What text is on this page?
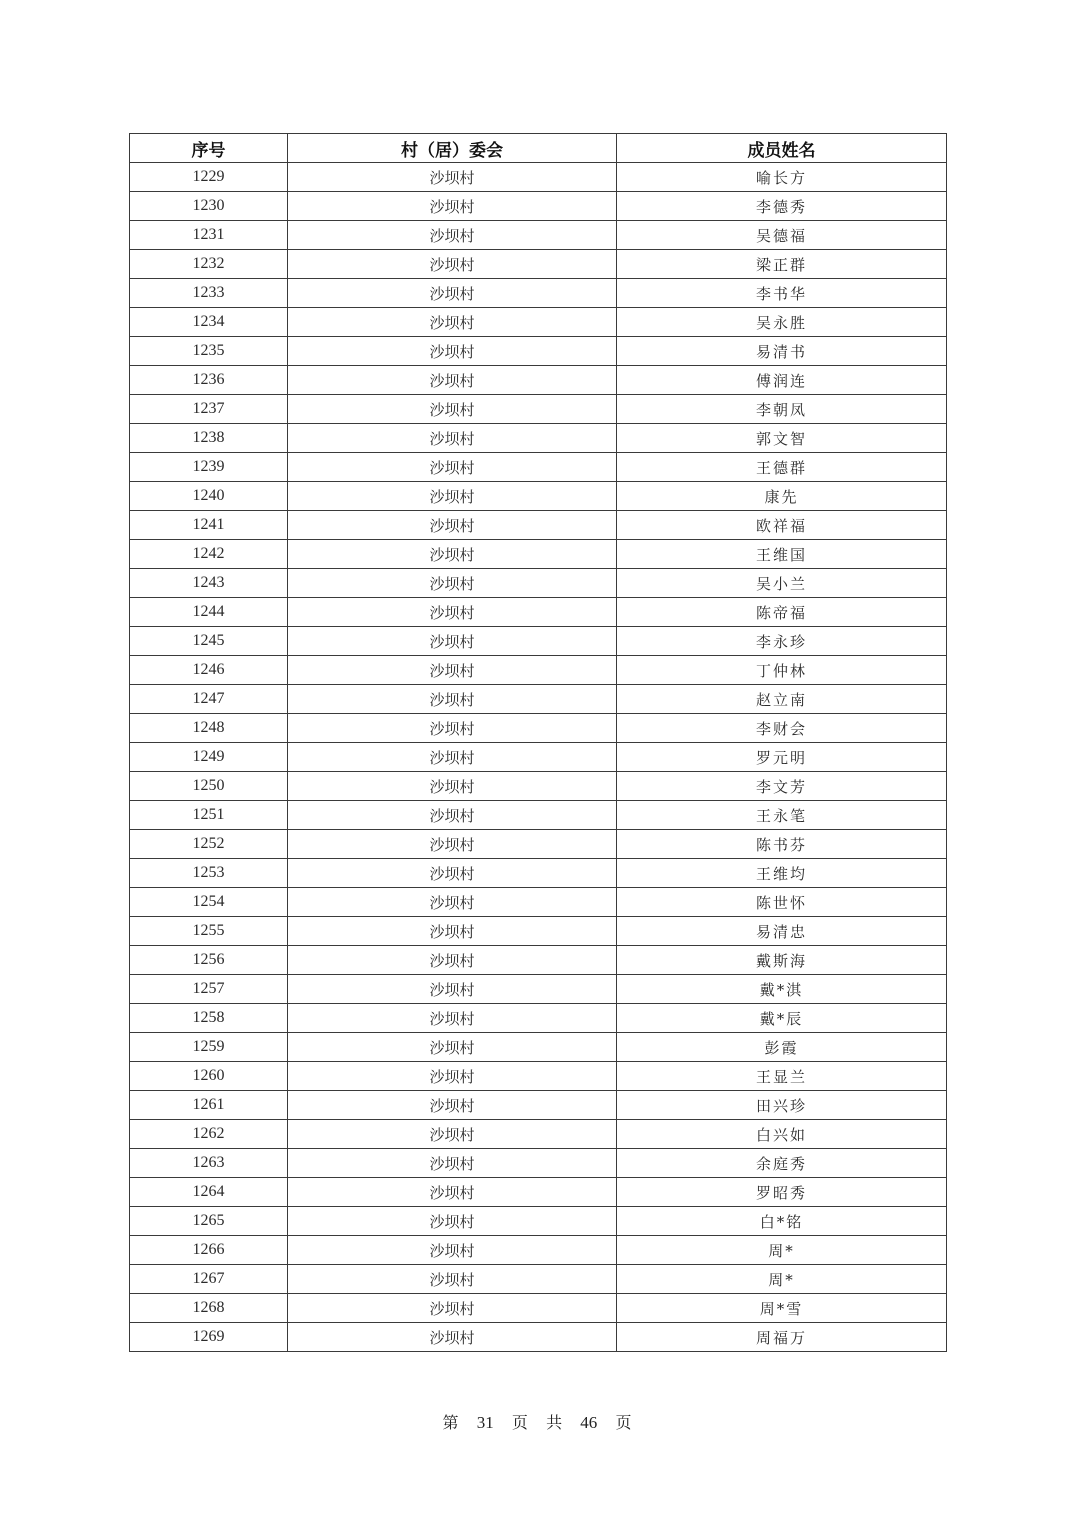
序号	村（居）委会	成员姓名
1229	沙坝村	喻长方
1230	沙坝村	李德秀
1231	沙坝村	吴德福
1232	沙坝村	梁正群
1233	沙坝村	李书华
1234	沙坝村	吴永胜
1235	沙坝村	易清书
1236	沙坝村	傅润连
1237	沙坝村	李朝凤
1238	沙坝村	郭文智
1239	沙坝村	王德群
1240	沙坝村	康先
1241	沙坝村	欧祥福
1242	沙坝村	王维国
1243	沙坝村	吴小兰
1244	沙坝村	陈帝福
1245	沙坝村	李永珍
1246	沙坝村	丁仲林
1247	沙坝村	赵立南
1248	沙坝村	李财会
1249	沙坝村	罗元明
1250	沙坝村	李文芳
1251	沙坝村	王永笔
1252	沙坝村	陈书芬
1253	沙坝村	王维均
1254	沙坝村	陈世怀
1255	沙坝村	易清忠
1256	沙坝村	戴斯海
1257	沙坝村	戴*淇
1258	沙坝村	戴*辰
1259	沙坝村	彭霞
1260	沙坝村	王显兰
1261	沙坝村	田兴珍
1262	沙坝村	白兴如
1263	沙坝村	余庭秀
1264	沙坝村	罗昭秀
1265	沙坝村	白*铭
1266	沙坝村	周*
1267	沙坝村	周*
1268	沙坝村	周*雪
1269	沙坝村	周福万
第 31 页 共 46 页
